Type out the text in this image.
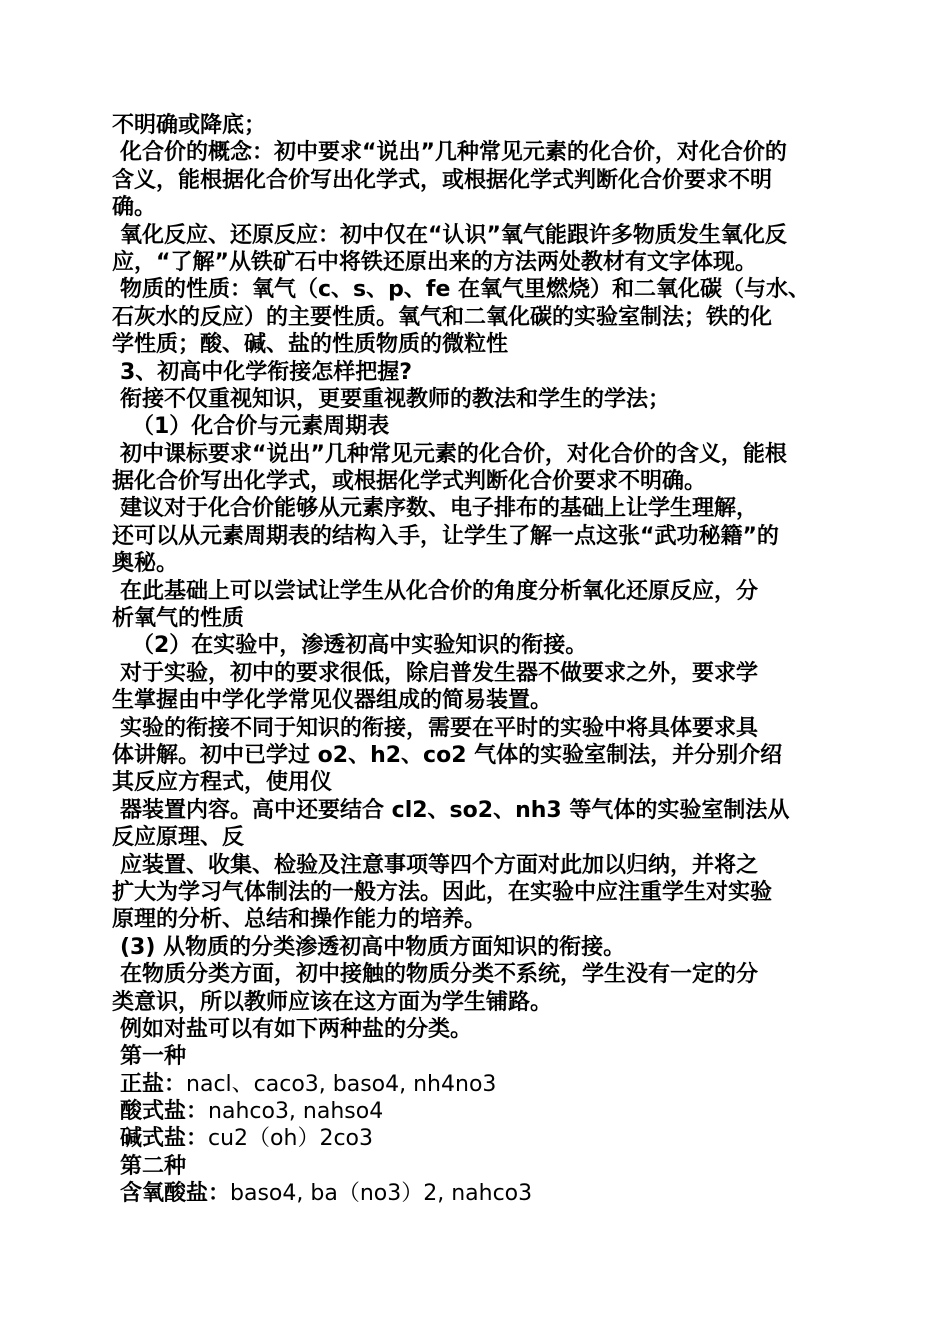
不明确或降底；
化合价的概念：初中要求“说出”几种常见元素的化合价，对化合价的
含义，能根据化合价写出化学式，或根据化学式判断化合价要求不明
确。
氧化反应、还原反应：初中仅在“认识”氧气能跟许多物质发生氧化反
应，“了解”从铁矿石中将铁还原出来的方法两处教材有文字体现。
物质的性质：氧气（c、s、p、fe 在氧气里燃烧）和二氧化碳（与水、
石灰水的反应）的主要性质。氧气和二氧化碳的实验室制法；铁的化
学性质；酸、碱、盐的性质物质的微粒性
3、初高中化学衔接怎样把握?
衔接不仅重视知识，更要重视教师的教法和学生的学法；
（1）化合价与元素周期表
初中课标要求“说出”几种常见元素的化合价，对化合价的含义，能根
据化合价写出化学式，或根据化学式判断化合价要求不明确。
建议对于化合价能够从元素序数、电子排布的基础上让学生理解，
还可以从元素周期表的结构入手，让学生了解一点这张“武功秘籍”的
奥秘。
在此基础上可以尝试让学生从化合价的角度分析氧化还原反应，分
析氧气的性质
（2）在实验中，渗透初高中实验知识的衔接。
对于实验，初中的要求很低，除启普发生器不做要求之外，要求学
生掌握由中学化学常见仪器组成的简易装置。
实验的衔接不同于知识的衔接，需要在平时的实验中将具体要求具
体讲解。初中已学过 o2、h2、co2 气体的实验室制法，并分别介绍
其反应方程式，使用仪
器装置内容。高中还要结合 cl2、so2、nh3 等气体的实验室制法从
反应原理、反
应装置、收集、检验及注意事项等四个方面对此加以归纳，并将之
扩大为学习气体制法的一般方法。因此，在实验中应注重学生对实验
原理的分析、总结和操作能力的培养。
(3) 从物质的分类渗透初高中物质方面知识的衔接。
在物质分类方面，初中接触的物质分类不系统，学生没有一定的分
类意识，所以教师应该在这方面为学生铺路。
例如对盐可以有如下两种盐的分类。
第一种
正盐：nacl、caco3, baso4, nh4no3
酸式盐：nahco3, nahso4
碱式盐：cu2（oh）2co3
第二种
含氧酸盐：baso4, ba（no3）2, nahco3
